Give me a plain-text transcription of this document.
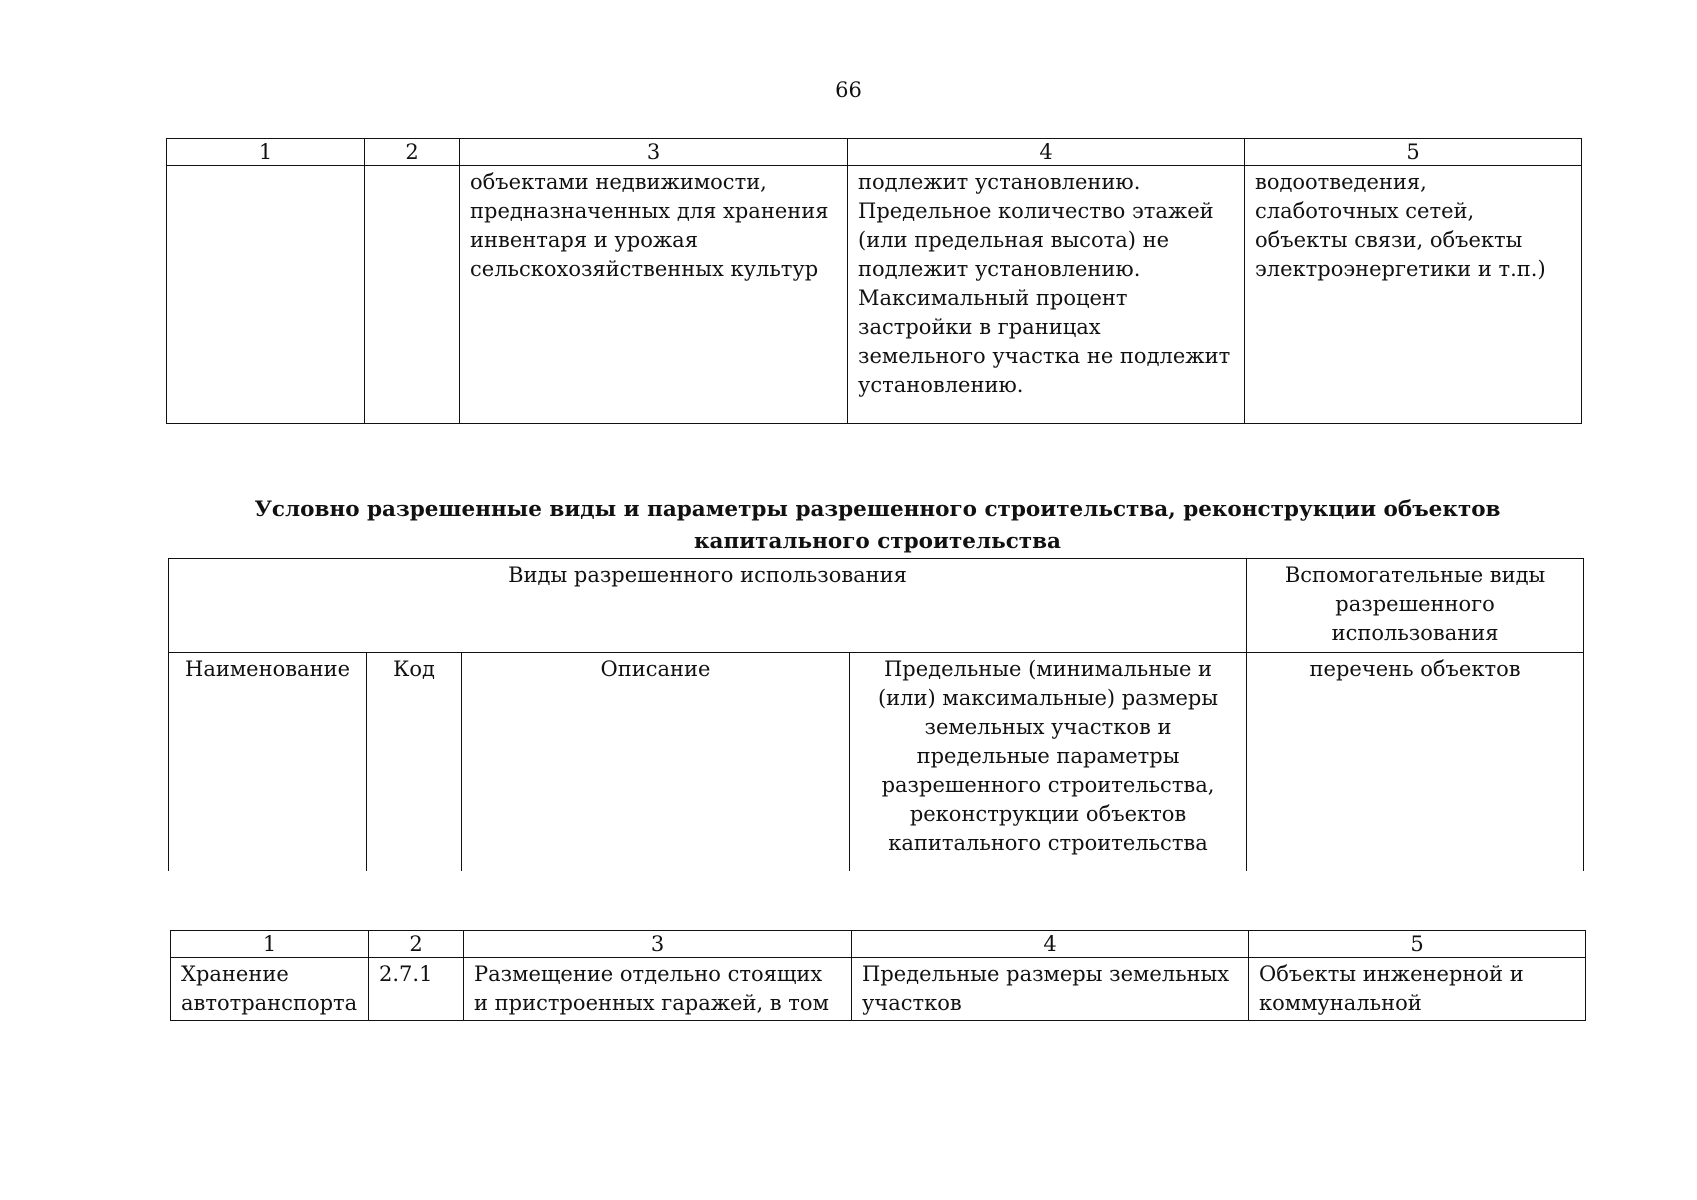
66
1	2	3	4	5
		объектами недвижимости, предназначенных для хранения инвентаря и урожая сельскохозяйственных культур	подлежит установлению. Предельное количество этажей (или предельная высота) не подлежит установлению. Максимальный процент застройки в границах земельного участка не подлежит установлению.	водоотведения, слаботочных сетей, объекты связи, объекты электроэнергетики и т.п.)
Условно разрешенные виды и параметры разрешенного строительства, реконструкции объектов капитального строительства
Виды разрешенного использования				Вспомогательные виды разрешенного использования
Наименование	Код	Описание	Предельные (минимальные и (или) максимальные) размеры земельных участков и предельные параметры разрешенного строительства, реконструкции объектов капитального строительства	перечень объектов
1	2	3	4	5
Хранение автотранспорта	2.7.1	Размещение отдельно стоящих и пристроенных гаражей, в том	Предельные размеры земельных участков	Объекты инженерной и коммунальной
